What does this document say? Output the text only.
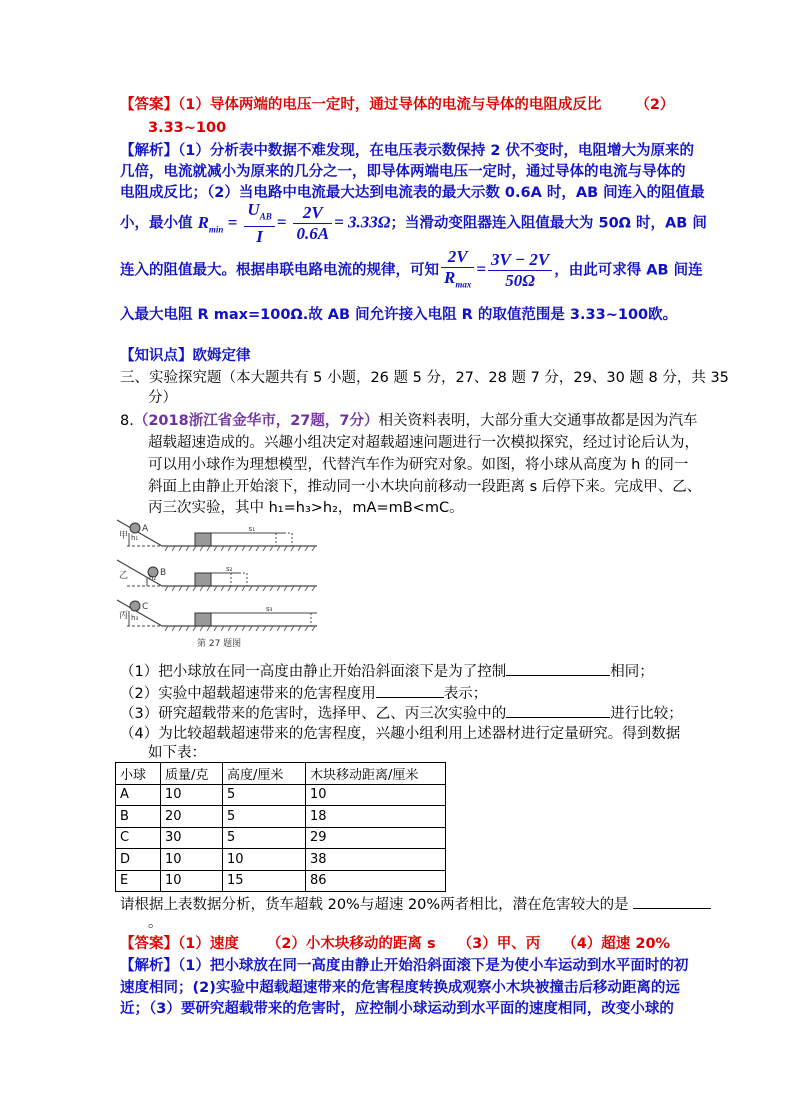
【答案】（1）导体两端的电压一定时，通过导体的电流与导体的电阻成反比 （2）
3.33~100
【解析】（1）分析表中数据不难发现，在电压表示数保持 2 伏不变时，电阻增大为原来的
几倍，电流就减小为原来的几分之一，即导体两端电压一定时，通过导体的电流与导体的
电阻成反比；（2）当电路中电流最大达到电流表的最大示数 0.6A 时，AB 间连入的阻值最
小，最小值 $R_{min} = \frac{U_{AB}}{I} = \frac{2V}{0.6A} = 3.33\Omega$；当滑动变阻器连入阻值最大为 50Ω 时，AB 间
连入的阻值最大。根据串联电路电流的规律，可知 $\frac{2V}{R_{max}} = \frac{3V - 2V}{50\Omega}$ ，由此可求得 AB 间连
入最大电阻 R max=100Ω.故 AB 间允许接入电阻 R 的取值范围是 3.33~100欧。
【知识点】欧姆定律
三、实验探究题（本大题共有 5 小题，26 题 5 分，27、28 题 7 分，29、30 题 8 分，共 35
分）
8.（2018浙江省金华市，27题，7分）相关资料表明，大部分重大交通事故都是因为汽车
超载超速造成的。兴趣小组决定对超载超速问题进行一次模拟探究，经过讨论后认为，
可以用小球作为理想模型，代替汽车作为研究对象。如图，将小球从高度为 h 的同一
斜面上由静止开始滚下，推动同一小木块向前移动一段距离 s 后停下来。完成甲、乙、
丙三次实验，其中 h₁=h₃>h₂，mA=mB<mC。
甲
A
h₁
s₁
乙	B
h₂
s₂
丙
C
h₃
s₃
第 27 题图
（1）把小球放在同一高度由静止开始沿斜面滚下是为了控制	相同；
（2）实验中超载超速带来的危害程度用	表示；
（3）研究超载带来的危害时，选择甲、乙、丙三次实验中的	进行比较；
（4）为比较超载超速带来的危害程度，兴趣小组利用上述器材进行定量研究。得到数据
如下表：
小球	质量/克	高度/厘米	木块移动距离/厘米
A	10	5	10
B	20	5	18
C	30	5	29
D	10	10	38
E	10	15	86
请根据上表数据分析，货车超载 20%与超速 20%两者相比，潜在危害较大的是
。
【答案】（1）速度 （2）小木块移动的距离 s （3）甲、丙 （4）超速 20%
【解析】（1）把小球放在同一高度由静止开始沿斜面滚下是为使小车运动到水平面时的初
速度相同；(2)实验中超载超速带来的危害程度转换成观察小木块被撞击后移动距离的远
近；（3）要研究超载带来的危害时，应控制小球运动到水平面的速度相同，改变小球的
